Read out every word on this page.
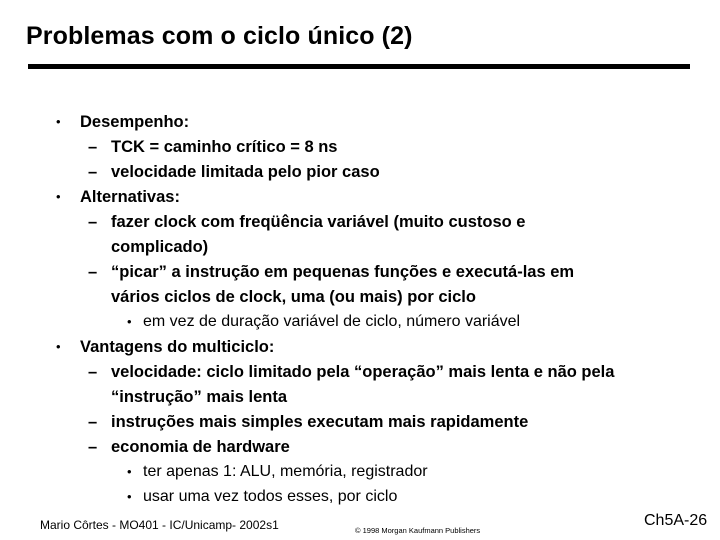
Problemas com o ciclo único (2)
• Desempenho:
– TCK = caminho crítico = 8 ns
– velocidade limitada pelo pior caso
• Alternativas:
– fazer clock com freqüência variável (muito custoso e
complicado)
– “picar” a instrução em pequenas funções e executá-las em
vários ciclos de clock, uma (ou mais) por ciclo
• em vez de duração variável de ciclo, número variável
• Vantagens do multiciclo:
– velocidade: ciclo limitado pela “operação” mais lenta e não pela
“instrução” mais lenta
– instruções mais simples executam mais rapidamente
– economia de hardware
• ter apenas 1: ALU, memória, registrador
• usar uma vez todos esses, por ciclo
Mario Côrtes - MO401 - IC/Unicamp- 2002s1	© 1998 Morgan Kaufmann Publishers
Ch5A-26
